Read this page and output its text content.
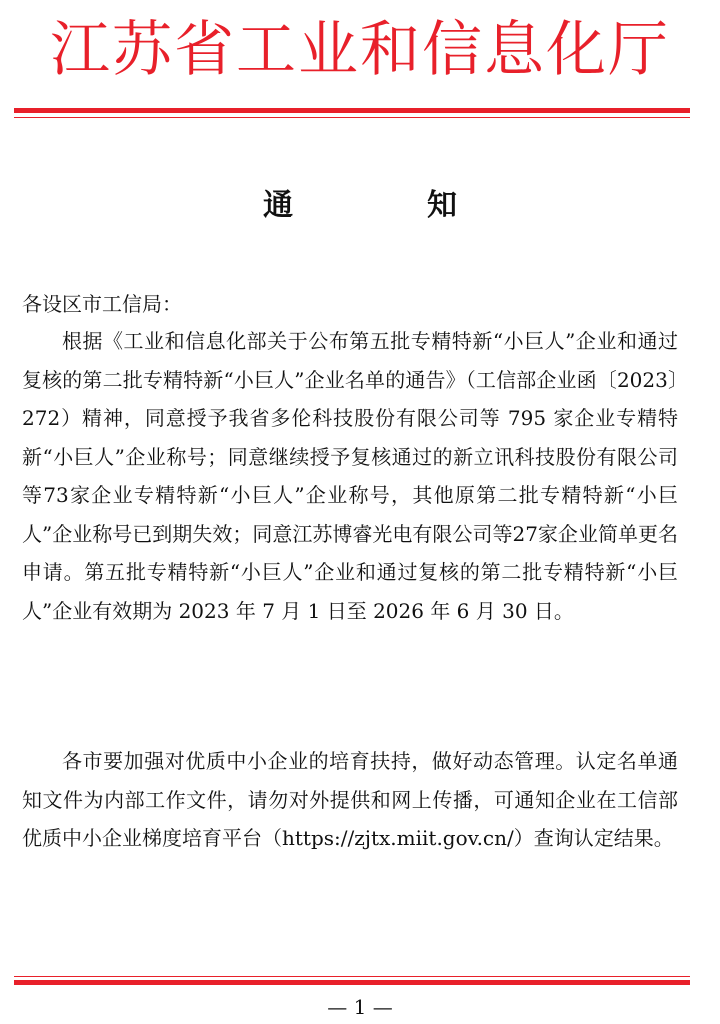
江苏省工业和信息化厅
通　知
各设区市工信局：
根据《工业和信息化部关于公布第五批专精特新“小巨人”企业和通过复核的第二批专精特新“小巨人”企业名单的通告》（工信部企业函〔2023〕272）精神，同意授予我省多伦科技股份有限公司等 795 家企业专精特新“小巨人”企业称号；同意继续授予复核通过的新立讯科技股份有限公司等73家企业专精特新“小巨人”企业称号，其他原第二批专精特新“小巨人”企业称号已到期失效；同意江苏博睿光电有限公司等27家企业简单更名申请。第五批专精特新“小巨人”企业和通过复核的第二批专精特新“小巨人”企业有效期为 2023 年 7 月 1 日至 2026 年 6 月 30 日。
各市要加强对优质中小企业的培育扶持，做好动态管理。认定名单通知文件为内部工作文件，请勿对外提供和网上传播，可通知企业在工信部优质中小企业梯度培育平台（https://zjtx.miit.gov.cn/）查询认定结果。
— 1 —
